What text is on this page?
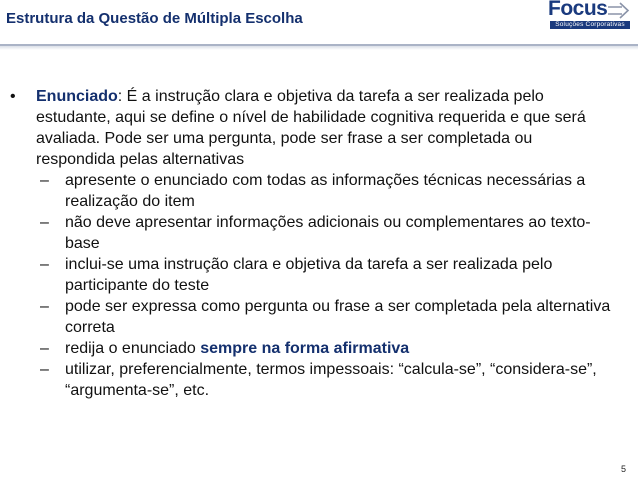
Estrutura da Questão de Múltipla Escolha	Focus
Soluções Corporativas
• Enunciado: É a instrução clara e objetiva da tarefa a ser realizada pelo estudante, aqui se define o nível de habilidade cognitiva requerida e que será avaliada. Pode ser uma pergunta, pode ser frase a ser completada ou respondida pelas alternativas
– apresente o enunciado com todas as informações técnicas necessárias a realização do item
– não deve apresentar informações adicionais ou complementares ao texto-base
– inclui-se uma instrução clara e objetiva da tarefa a ser realizada pelo participante do teste
– pode ser expressa como pergunta ou frase a ser completada pela alternativa correta
– redija o enunciado sempre na forma afirmativa
– utilizar, preferencialmente, termos impessoais: “calcula-se”, “considera-se”, “argumenta-se”, etc.
5
